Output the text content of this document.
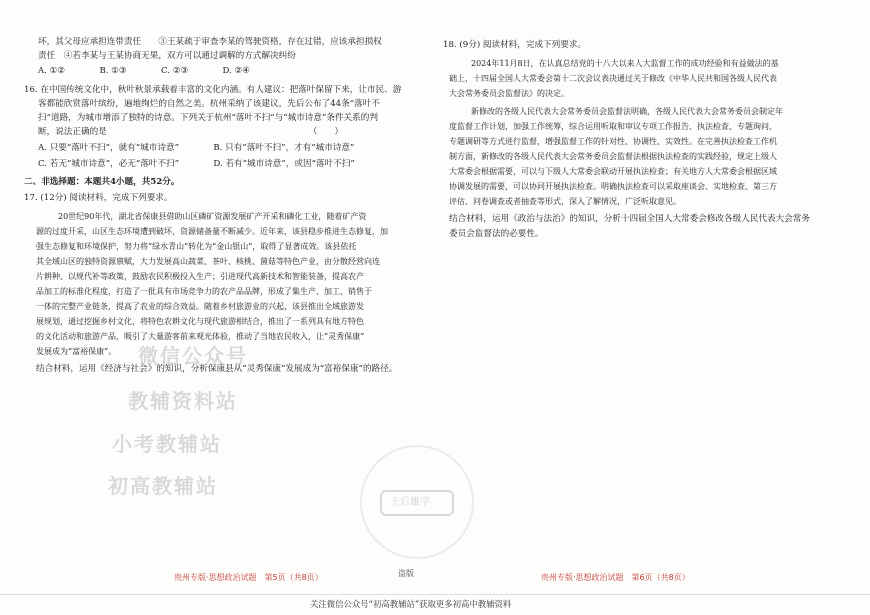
坏，其父母应承担连带责任　　③王某疏于审查李某的驾驶资格，存在过错，应该承担损权
责任　④若李某与王某协商无果，双方可以通过调解的方式解决纠纷
A. ①②　　　　B. ①③　　　　C. ②③　　　　D. ②④
16. 在中国传统文化中，秋叶秋景承载着丰富的文化内涵。有人建议：把落叶保留下来，让市民、游
客都能欣赏落叶缤纷，遍地绚烂的自然之美。杭州采纳了该建议，先后公布了44条“落叶不
扫”道路，为城市增添了独特的诗意。下列关于杭州“落叶不扫”与“城市诗意”条件关系的判
断，说法正确的是　　　　　　　　　　　　　　　　　　　　　　　　（　　）
A. 只要“落叶不扫”，就有“城市诗意”　　　　B. 只有“落叶不扫”，才有“城市诗意”
C. 若无“城市诗意”，必无“落叶不扫”　　　　D. 若有“城市诗意”，或因“落叶不扫”
二、非选择题：本题共4小题，共52分。
17. (12分) 阅读材料，完成下列要求。
　　20世纪90年代，湖北省保康县借助山区磷矿资源发展矿产开采和磷化工业，随着矿产资
源的过度开采，山区生态环境遭到破坏，资源储备量不断减少。近年来，该县稳步推进生态修复，加
强生态修复和环境保护，努力将“绿水青山”转化为“金山银山”，取得了显著成效。该县依托
其全域山区的独特资源禀赋，大力发展高山蔬菜、茶叶、核桃、菌菇等特色产业，由分散经营向连
片耕种、以规代补等政策，鼓励农民积极投入生产；引进现代高新技术和智能装备，提高农产
品加工的标准化程度，打造了一批具有市场竞争力的农产品品牌，形成了集生产、加工、销售于
一体的完整产业链条，提高了农业的综合效益。随着乡村旅游业的兴起，该县推出全域旅游发
展规划，通过挖掘乡村文化，将特色农耕文化与现代旅游相结合，推出了一系列具有地方特色
的文化活动和旅游产品，吸引了大量游客前来观光体验，推动了当地农民收入，让“灵秀保康”
发展成为“富裕保康”。
结合材料，运用《经济与社会》的知识，分析保康县从“灵秀保康”发展成为“富裕保康”的路径。
微信公众号
教辅资料站
小考教辅站
初高教辅站
贵州专版·思想政治试题　第5页（共8页）
18. (9分) 阅读材料，完成下列要求。
　　2024年11月8日，在认真总结党的十八大以来人大监督工作的成功经验和有益做法的基
础上，十四届全国人大常委会第十二次会议表决通过关于修改《中华人民共和国各级人民代表
大会常务委员会监督法》的决定。
　　新修改的各级人民代表大会常务委员会监督法明确，各级人民代表大会常务委员会制定年
度监督工作计划，加强工作统筹，综合运用听取和审议专项工作报告、执法检查、专题询问、
专题调研等方式进行监督，增强监督工作的针对性、协调性、实效性。在完善执法检查工作机
制方面，新修改的各级人民代表大会常务委员会监督法根据执法检查的实践经验，规定上级人
大常委会根据需要，可以与下级人大常委会联动开展执法检查；有关地方人大常委会根据区域
协调发展的需要，可以协同开展执法检查。明确执法检查可以采取座谈会、实地检查、第三方
评估、问卷调查或者抽查等形式，深入了解情况，广泛听取意见。
结合材料，运用《政治与法治》的知识，分析十四届全国人大常委会修改各级人民代表大会常务
委员会监督法的必要性。
贵州专版·思想政治试题　第6页（共8页）
王后雄学
盗版
关注微信公众号“初高教辅站”获取更多初高中教辅资料
